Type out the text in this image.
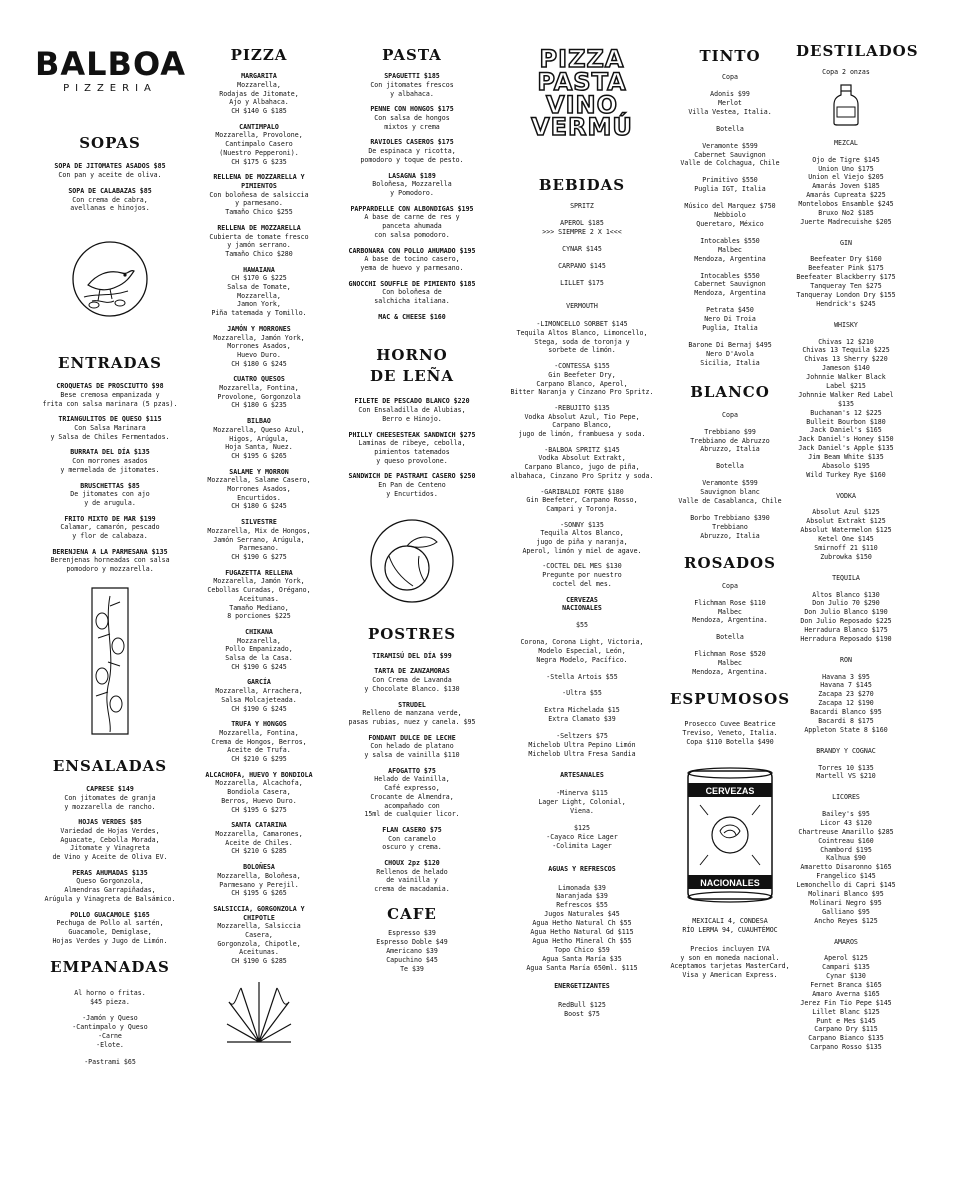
BALBOA
PIZZERIA
SOPAS
SOPA DE JITOMATES ASADOS $85
Con pan y aceite de oliva.
SOPA DE CALABAZAS $85
Con crema de cabra,
avellanas e hinojos.
ENTRADAS
CROQUETAS DE PROSCIUTTO $98
Bese cremosa empanizada y
frita con salsa marinara (5 pzas).
TRIANGULITOS DE QUESO $115
Con Salsa Marinara
y Salsa de Chiles Fermentados.
BURRATA DEL DÍA $135
Con morrones asados
y mermelada de jitomates.
BRUSCHETTAS $85
De jitomates con ajo
y de arugula.
FRITO MIXTO DE MAR $199
Calamar, camarón, pescado
y flor de calabaza.
BERENJENA A LA PARMESANA $135
Berenjenas horneadas con salsa
pomodoro y mozzarella.
ENSALADAS
CAPRESE $149
Con jitomates de granja
y mozzarella de rancho.
HOJAS VERDES $85
Variedad de Hojas Verdes,
Aguacate, Cebolla Morada,
Jitomate y Vinagreta
de Vino y Aceite de Oliva EV.
PERAS AHUMADAS $135
Queso Gorgonzola,
Almendras Garrapiñadas,
Arúgula y Vinagreta de Balsámico.
POLLO GUACAMOLE $165
Pechuga de Pollo al sartén,
Guacamole, Demiglase,
Hojas Verdes y Jugo de Limón.
EMPANADAS
Al horno o fritas.
$45 pieza.
-Jamón y Queso
-Cantimpalo y Queso
-Carne
-Elote.
-Pastrami $65
PIZZA
MARGARITA
Mozzarella,
Rodajas de Jitomate,
Ajo y Albahaca.
CH $140 G $185
CANTIMPALO
Mozzarella, Provolone,
Cantimpalo Casero
(Nuestro Pepperoni).
CH $175 G $235
RELLENA DE MOZZARELLA Y PIMIENTOS
Con boloñesa de salsiccia
y parmesano.
Tamaño Chico $255
RELLENA DE MOZZARELLA
Cubierta de tomate fresco
y jamón serrano.
Tamaño Chico $280
HAWAIANA
CH $170 G $225
Salsa de Tomate,
Mozzarella,
Jamon York,
Piña tatemada y Tomillo.
JAMÓN Y MORRONES
Mozzarella, Jamón York,
Morrones Asados,
Huevo Duro.
CH $180 G $245
CUATRO QUESOS
Mozzarella, Fontina,
Provolone, Gorgonzola
CH $180 G $235
BILBAO
Mozzarella, Queso Azul,
Higos, Arúgula,
Hoja Santa, Nuez.
CH $195 G $265
SALAME Y MORRON
Mozzarella, Salame Casero,
Morrones Asados,
Encurtidos.
CH $180 G $245
SILVESTRE
Mozzarella, Mix de Hongos,
Jamón Serrano, Arúgula,
Parmesano.
CH $190 G $275
FUGAZETTA RELLENA
Mozzarella, Jamón York,
Cebollas Curadas, Orégano,
Aceitunas.
Tamaño Mediano,
8 porciones $225
CHIKANA
Mozzarella,
Pollo Empanizado,
Salsa de la Casa.
CH $190 G $245
GARCÍA
Mozzarella, Arrachera,
Salsa Molcajeteada.
CH $190 G $245
TRUFA Y HONGOS
Mozzarella, Fontina,
Crema de Hongos, Berros,
Aceite de Trufa.
CH $210 G $295
ALCACHOFA, HUEVO Y BONDIOLA
Mozzarella, Alcachofa,
Bondiola Casera,
Berros, Huevo Duro.
CH $195 G $275
SANTA CATARINA
Mozzarella, Camarones,
Aceite de Chiles.
CH $210 G $285
BOLOÑESA
Mozzarella, Boloñesa,
Parmesano y Perejil.
CH $195 G $265
SALSICCIA, GORGONZOLA Y CHIPOTLE
Mozzarella, Salsiccia Casera,
Gorgonzola, Chipotle, Aceitunas.
CH $190 G $285
PASTA
SPAGUETTI $185
Con jitomates frescos
y albahaca.
PENNE CON HONGOS $175
Con salsa de hongos
mixtos y crema
RAVIOLES CASEROS $175
De espinaca y ricotta,
pomodoro y toque de pesto.
LASAGNA $189
Boloñesa, Mozzarella
y Pomodoro.
PAPPARDELLE CON ALBONDIGAS $195
A base de carne de res y
panceta ahumada
con salsa pomodoro.
CARBONARA CON POLLO AHUMADO $195
A base de tocino casero,
yema de huevo y parmesano.
GNOCCHI SOUFFLE DE PIMIENTO $185
Con boloñesa de
salchicha italiana.
MAC & CHEESE $160
HORNO
DE LEÑA
FILETE DE PESCADO BLANCO $220
Con Ensaladilla de Alubias,
Berro e Hinojo.
PHILLY CHEESESTEAK SANDWICH $275
Laminas de ribeye, cebolla,
pimientos tatemados
y queso provolone.
SANDWICH DE PASTRAMI CASERO $250
En Pan de Centeno
y Encurtidos.
POSTRES
TIRAMISÚ DEL DÍA $99
TARTA DE ZANZAMORAS
Con Crema de Lavanda
y Chocolate Blanco. $130
STRUDEL
Relleno de manzana verde,
pasas rubias, nuez y canela. $95
FONDANT DULCE DE LECHE
Con helado de platano
y salsa de vainilla $110
AFOGATTO $75
Helado de Vainilla,
Café expresso,
Crocante de Almendra,
acompañado con
15ml de cualquier licor.
FLAN CASERO $75
Con caramelo
oscuro y crema.
CHOUX 2pz $120
Rellenos de helado
de vainilla y
crema de macadamia.
CAFE
Espresso $39
Espresso Doble $49
Americano $39
Capuchino $45
Te $39
PIZZA
PASTA
VINO
VERMÚ
BEBIDAS
SPRITZ
APEROL $185
>>> SIEMPRE 2 X 1<<<
CYNAR $145
CARPANO $145
LILLET $175
VERMOUTH
-LIMONCELLO SORBET $145
Tequila Altos Blanco, Limoncello,
Stega, soda de toronja y
sorbete de limón.
-CONTESSA $155
Gin Beefeter Dry,
Carpano Blanco, Aperol,
Bitter Naranja y Cinzano Pro Spritz.
-REBUJITO $135
Vodka Absolut Azul, Tio Pepe,
Carpano Blanco,
jugo de limón, frambuesa y soda.
-BALBOA SPRITZ $145
Vodka Absolut Extrakt,
Carpano Blanco, jugo de piña,
albahaca, Cinzano Pro Spritz y soda.
-GARIBALDI FORTE $180
Gin Beefeter, Carpano Rosso,
Campari y Toronja.
-SONNY $135
Tequila Altos Blanco,
jugo de piña y naranja,
Aperol, limón y miel de agave.
-COCTEL DEL MES $130
Pregunte por nuestro
coctel del mes.
CERVEZAS NACIONALES
$55
Corona, Corona Light, Victoria,
Modelo Especial, León,
Negra Modelo, Pacífico.
-Stella Artois $55
-Ultra $55
Extra Michelada $15
Extra Clamato $39
-Seltzers $75
Michelob Ultra Pepino Limón
Michelob Ultra Fresa Sandia
ARTESANALES
-Minerva $115
Lager Light, Colonial,
Viena.
$125
-Cayaco Rice Lager
-Colimita Lager
AGUAS Y REFRESCOS
Limonada $39
Naranjada $39
Refrescos $55
Jugos Naturales $45
Agua Hetho Natural Ch $55
Agua Hetho Natural Gd $115
Agua Hetho Mineral Ch $55
Topo Chico $59
Agua Santa María $35
Agua Santa María 650ml. $115
ENERGETIZANTES
RedBull $125
Boost $75
TINTO
Copa
Adonis $99
Merlot
Villa Vestea, Italia.
Botella
Veramonte $599
Cabernet Sauvignon
Valle de Colchagua, Chile
Primitivo $550
Puglia IGT, Italia
Músico del Marquez $750
Nebbiolo
Queretaro, México
Intocables $550
Malbec
Mendoza, Argentina
Intocables $550
Cabernet Sauvignon
Mendoza, Argentina
Petrata $450
Nero Di Troia
Puglia, Italia
Barone Di Bernaj $495
Nero D'Avola
Sicilia, Italia
BLANCO
Copa
Trebbiano $99
Trebbiano de Abruzzo
Abruzzo, Italia
Botella
Veramonte $599
Sauvignon blanc
Valle de Casablanca, Chile
Borbo Trebbiano $390
Trebbiano
Abruzzo, Italia
ROSADOS
Copa
Flichman Rose $110
Malbec
Mendoza, Argentina.
Botella
Flichman Rose $520
Malbec
Mendoza, Argentina.
ESPUMOSOS
Prosecco Cuvee Beatrice
Treviso, Veneto, Italia.
Copa $110 Botella $490
CERVEZAS
NACIONALES
MEXICALI 4, CONDESA
RÍO LERMA 94, CUAUHTÉMOC
Precios incluyen IVA
y son en moneda nacional.
Aceptamos tarjetas MasterCard,
Visa y American Express.
DESTILADOS
Copa 2 onzas
MEZCAL
Ojo de Tigre $145
Union Uno $175
Union el Viejo $205
Amarás Joven $185
Amarás Cupreata $225
Montelobos Ensamble $245
Bruxo No2 $185
Juerte Madrecuishe $205
GIN
Beefeater Dry $160
Beefeater Pink $175
Beefeater Blackberry $175
Tanqueray Ten $275
Tanqueray London Dry $155
Hendrick's $245
WHISKY
Chivas 12 $210
Chivas 13 Tequila $225
Chivas 13 Sherry $220
Jameson $140
Johnnie Walker Black Label $215
Johnnie Walker Red Label $135
Buchanan's 12 $225
Bulleit Bourbon $180
Jack Daniel's $165
Jack Daniel's Honey $150
Jack Daniel's Apple $135
Jim Beam White $135
Abasolo $195
Wild Turkey Rye $160
VODKA
Absolut Azul $125
Absolut Extrakt $125
Absolut Watermelon $125
Ketel One $145
Smirnoff 21 $110
Zubrowka $150
TEQUILA
Altos Blanco $130
Don Julio 70 $290
Don Julio Blanco $190
Don Julio Reposado $225
Herradura Blanco $175
Herradura Reposado $190
RON
Havana 3 $95
Havana 7 $145
Zacapa 23 $270
Zacapa 12 $190
Bacardi Blanco $95
Bacardi 8 $175
Appleton State 8 $160
BRANDY Y COGNAC
Torres 10 $135
Martell VS $210
LICORES
Bailey's $95
Licor 43 $120
Chartreuse Amarillo $285
Cointreau $160
Chambord $195
Kalhua $90
Amaretto Disaronno $165
Frangelico $145
Lemonchello di Capri $145
Molinari Blanco $95
Molinari Negro $95
Galliano $95
Ancho Reyes $125
AMAROS
Aperol $125
Campari $135
Cynar $130
Fernet Branca $165
Amaro Averna $165
Jerez Fin Tio Pepe $145
Lillet Blanc $125
Punt e Mes $145
Carpano Dry $115
Carpano Bianco $135
Carpano Rosso $135
